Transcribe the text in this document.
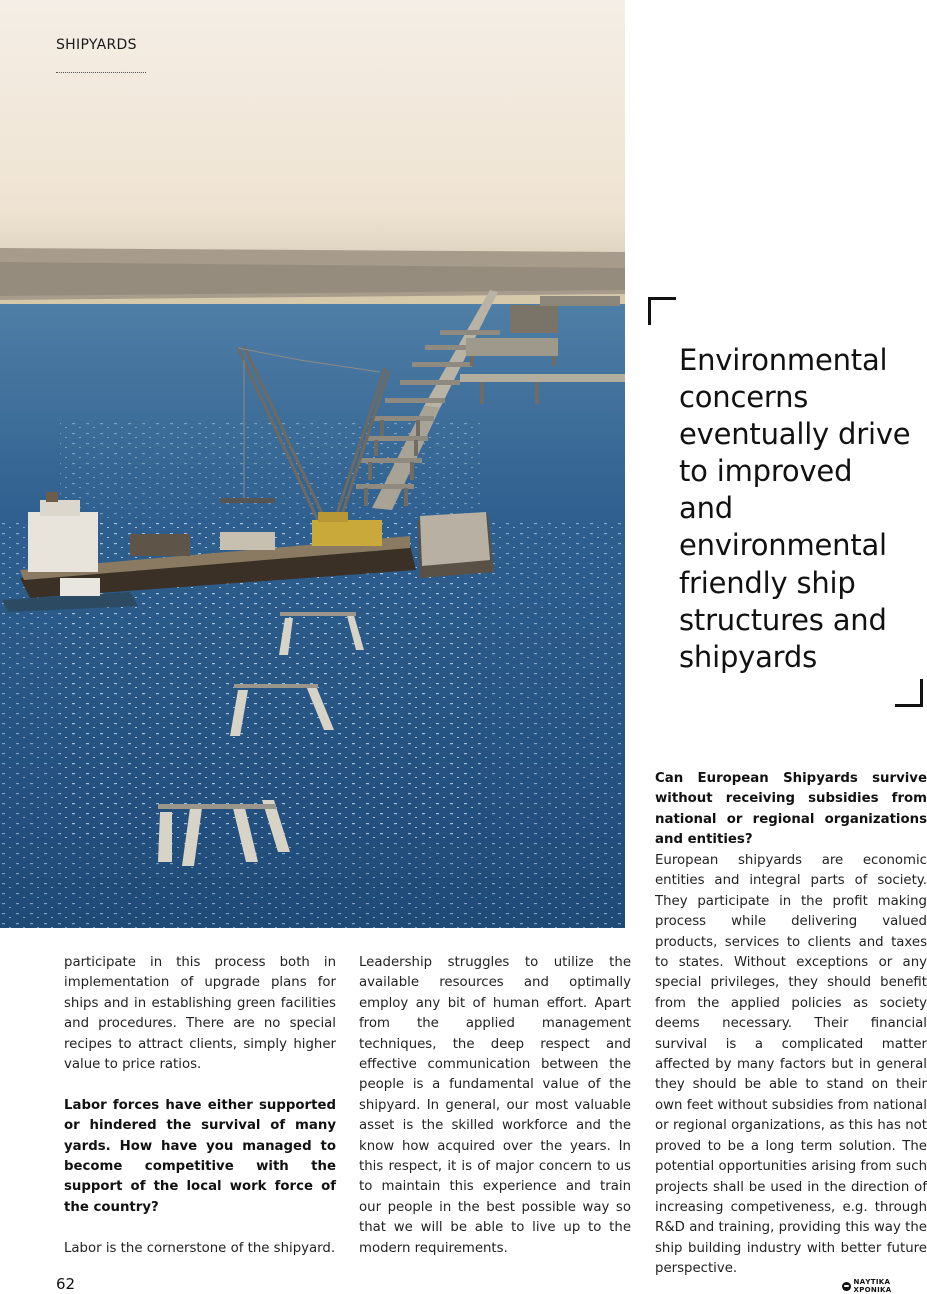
SHIPYARDS
Environmental concerns eventually drive to improved and environmental friendly ship structures and shipyards

participate in this process both in implementation of upgrade plans for ships and in establishing green facilities and procedures. There are no special recipes to attract clients, simply higher value to price ratios.

Labor forces have either supported or hindered the survival of many yards. How have you managed to become competitive with the support of the local work force of the country?

Labor is the cornerstone of the shipyard.

Leadership struggles to utilize the available resources and optimally employ any bit of human effort. Apart from the applied management techniques, the deep respect and effective communication between the people is a fundamental value of the shipyard. In general, our most valuable asset is the skilled workforce and the know how acquired over the years. In this respect, it is of major concern to us to maintain this experience and train our people in the best possible way so that we will be able to live up to the modern requirements.

Can European Shipyards survive without receiving subsidies from national or regional organizations and entities?

European shipyards are economic entities and integral parts of society. They participate in the profit making process while delivering valued products, services to clients and taxes to states. Without exceptions or any special privileges, they should benefit from the applied policies as society deems necessary. Their financial survival is a complicated matter affected by many factors but in general they should be able to stand on their own feet without subsidies from national or regional organizations, as this has not proved to be a long term solution. The potential opportunities arising from such projects shall be used in the direction of increasing competiveness, e.g. through R&D and training, providing this way the ship building industry with better future perspective.

62	ΝΑΥΤΙΚΑ ΧΡΟΝΙΚΑ
